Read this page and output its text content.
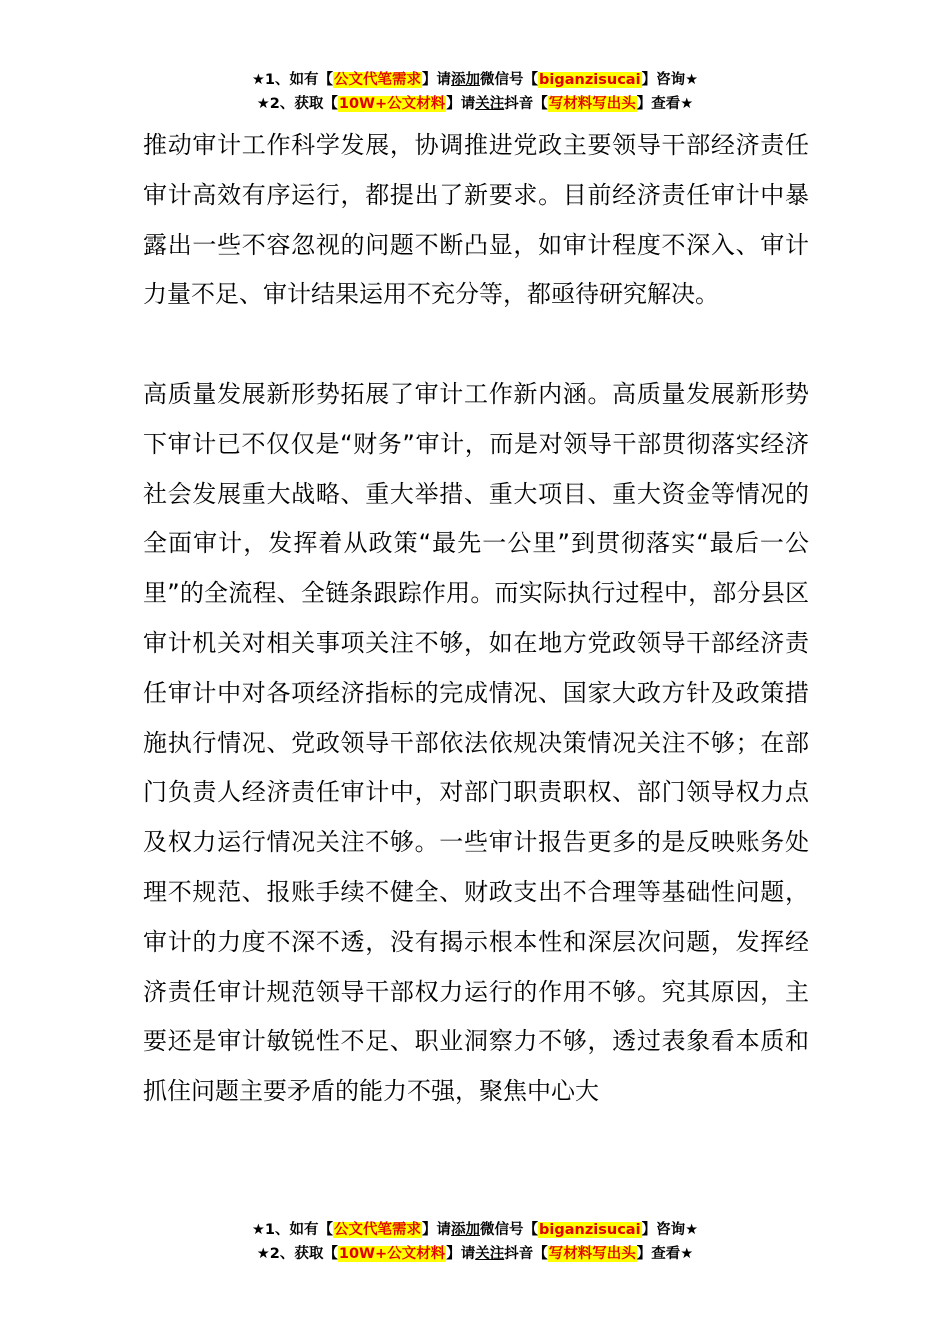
★1、如有【公文代笔需求】请添加微信号【biganzisucai】咨询★
★2、获取【10W+公文材料】请关注抖音【写材料写出头】查看★

推动审计工作科学发展，协调推进党政主要领导干部经济责任审计高效有序运行，都提出了新要求。目前经济责任审计中暴露出一些不容忽视的问题不断凸显，如审计程度不深入、审计力量不足、审计结果运用不充分等，都亟待研究解决。

高质量发展新形势拓展了审计工作新内涵。高质量发展新形势下审计已不仅仅是“财务”审计，而是对领导干部贯彻落实经济社会发展重大战略、重大举措、重大项目、重大资金等情况的全面审计，发挥着从政策“最先一公里”到贯彻落实“最后一公里”的全流程、全链条跟踪作用。而实际执行过程中，部分县区审计机关对相关事项关注不够，如在地方党政领导干部经济责任审计中对各项经济指标的完成情况、国家大政方针及政策措施执行情况、党政领导干部依法依规决策情况关注不够；在部门负责人经济责任审计中，对部门职责职权、部门领导权力点及权力运行情况关注不够。一些审计报告更多的是反映账务处理不规范、报账手续不健全、财政支出不合理等基础性问题，审计的力度不深不透，没有揭示根本性和深层次问题，发挥经济责任审计规范领导干部权力运行的作用不够。究其原因，主要还是审计敏锐性不足、职业洞察力不够，透过表象看本质和抓住问题主要矛盾的能力不强，聚焦中心大

★1、如有【公文代笔需求】请添加微信号【biganzisucai】咨询★
★2、获取【10W+公文材料】请关注抖音【写材料写出头】查看★
